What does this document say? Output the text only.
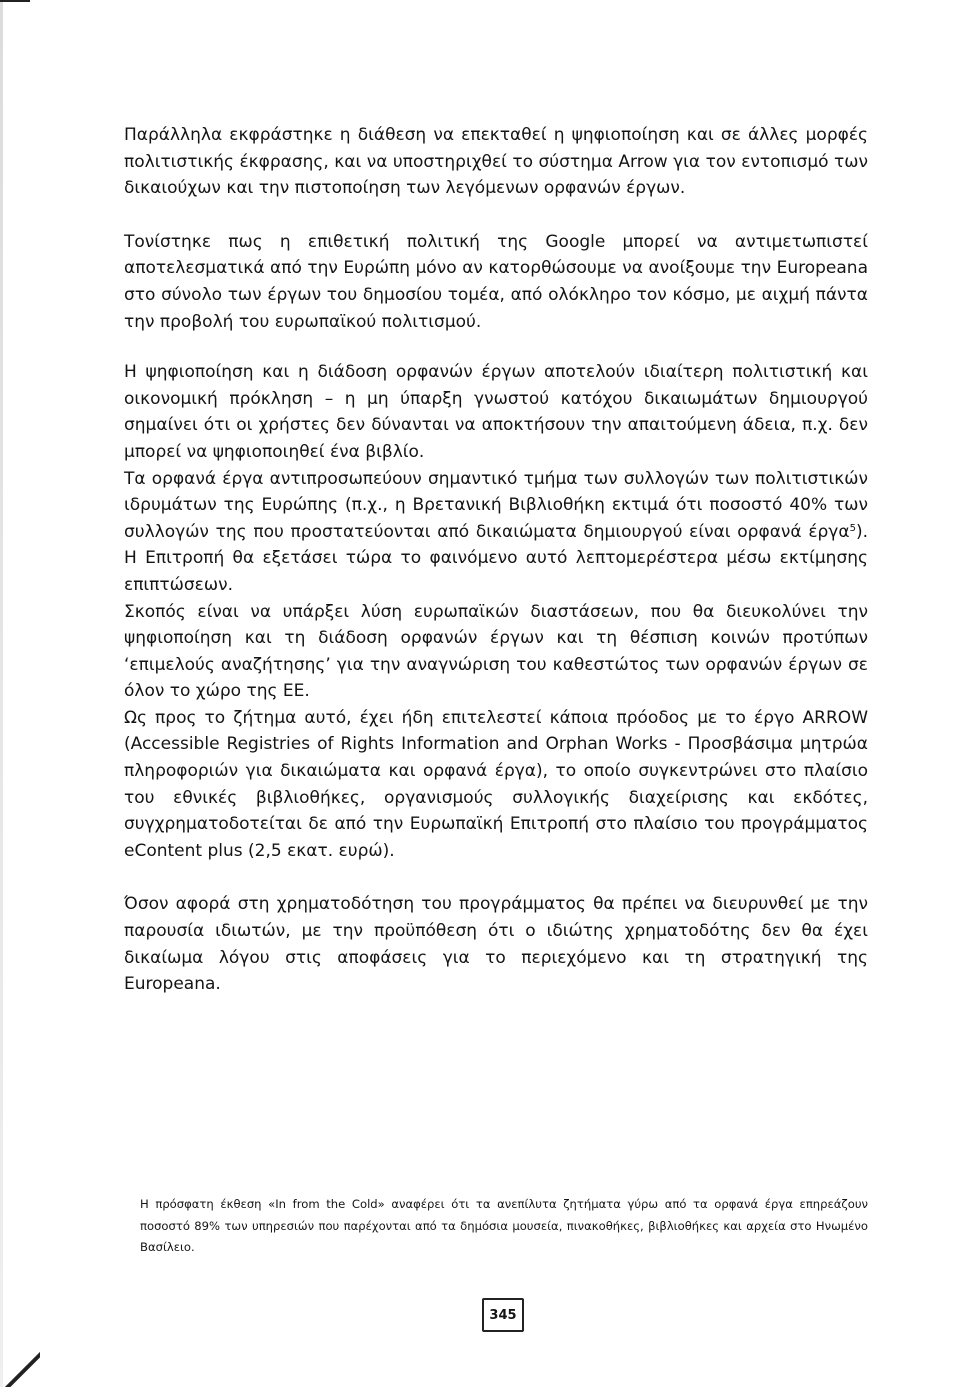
Παράλληλα εκφράστηκε η διάθεση να επεκταθεί η ψηφιοποίηση και σε άλλες μορφές πολιτιστικής έκφρασης, και να υποστηριχθεί το σύστημα Arrow για τον εντοπισμό των δικαιούχων και την πιστοποίηση των λεγόμενων ορφανών έργων.

Τονίστηκε πως η επιθετική πολιτική της Google μπορεί να αντιμετωπιστεί αποτελεσματικά από την Ευρώπη μόνο αν κατορθώσουμε να ανοίξουμε την Europeana στο σύνολο των έργων του δημοσίου τομέα, από ολόκληρο τον κόσμο, με αιχμή πάντα την προβολή του ευρωπαϊκού πολιτισμού.

Η ψηφιοποίηση και η διάδοση ορφανών έργων αποτελούν ιδιαίτερη πολιτιστική και οικονομική πρόκληση – η μη ύπαρξη γνωστού κατόχου δικαιωμάτων δημιουργού σημαίνει ότι οι χρήστες δεν δύνανται να αποκτήσουν την απαιτούμενη άδεια, π.χ. δεν μπορεί να ψηφιοποιηθεί ένα βιβλίο.

Τα ορφανά έργα αντιπροσωπεύουν σημαντικό τμήμα των συλλογών των πολιτιστικών ιδρυμάτων της Ευρώπης (π.χ., η Βρετανική Βιβλιοθήκη εκτιμά ότι ποσοστό 40% των συλλογών της που προστατεύονται από δικαιώματα δημιουργού είναι ορφανά έργα$^5$). Η Επιτροπή θα εξετάσει τώρα το φαινόμενο αυτό λεπτομερέστερα μέσω εκτίμησης επιπτώσεων.

Σκοπός είναι να υπάρξει λύση ευρωπαϊκών διαστάσεων, που θα διευκολύνει την ψηφιοποίηση και τη διάδοση ορφανών έργων και τη θέσπιση κοινών προτύπων ‘επιμελούς αναζήτησης’ για την αναγνώριση του καθεστώτος των ορφανών έργων σε όλον το χώρο της ΕΕ.

Ως προς το ζήτημα αυτό, έχει ήδη επιτελεστεί κάποια πρόοδος με το έργο ARROW (Accessible Registries of Rights Information and Orphan Works - Προσβάσιμα μητρώα πληροφοριών για δικαιώματα και ορφανά έργα), το οποίο συγκεντρώνει στο πλαίσιο του εθνικές βιβλιοθήκες, οργανισμούς συλλογικής διαχείρισης και εκδότες, συγχρηματοδοτείται δε από την Ευρωπαϊκή Επιτροπή στο πλαίσιο του προγράμματος eContent plus (2,5 εκατ. ευρώ).

Όσον αφορά στη χρηματοδότηση του προγράμματος θα πρέπει να διευρυνθεί με την παρουσία ιδιωτών, με την προϋπόθεση ότι ο ιδιώτης χρηματοδότης δεν θα έχει δικαίωμα λόγου στις αποφάσεις για το περιεχόμενο και τη στρατηγική της Europeana.

Η πρόσφατη έκθεση «In from the Cold» αναφέρει ότι τα ανεπίλυτα ζητήματα γύρω από τα ορφανά έργα επηρεάζουν ποσοστό 89% των υπηρεσιών που παρέχονται από τα δημόσια μουσεία, πινακοθήκες, βιβλιοθήκες και αρχεία στο Ηνωμένο Βασίλειο.

345
